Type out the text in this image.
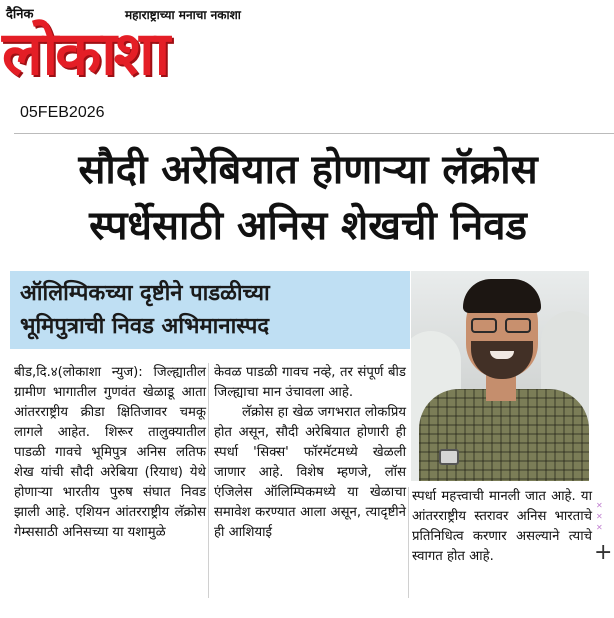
दैनिक	महाराष्ट्राच्या मनाचा नकाशा
लोकाशा
05FEB2026
सौदी अरेबियात होणाऱ्या लॅक्रोस
स्पर्धेसाठी अनिस शेखची निवड
ऑलिम्पिकच्या दृष्टीने पाडळीच्या
भूमिपुत्राची निवड अभिमानास्पद

बीड,दि.४(लोकाशा न्युज): जिल्ह्यातील ग्रामीण भागातील गुणवंत खेळाडू आता आंतरराष्ट्रीय क्रीडा क्षितिजावर चमकू लागले आहेत. शिरूर तालुक्यातील पाडळी गावचे भूमिपुत्र अनिस लतिफ शेख यांची सौदी अरेबिया (रियाध) येथे होणाऱ्या भारतीय पुरुष संघात निवड झाली आहे. एशियन आंतरराष्ट्रीय लॅक्रोस गेम्ससाठी अनिसच्या या यशामुळे

केवळ पाडळी गावच नव्हे, तर संपूर्ण बीड जिल्ह्याचा मान उंचावला आहे.

लॅक्रोस हा खेळ जगभरात लोकप्रिय होत असून, सौदी अरेबियात होणारी ही स्पर्धा 'सिक्स' फॉरमॅटमध्ये खेळली जाणार आहे. विशेष म्हणजे, लॉस एंजिलेस ऑलिम्पिकमध्ये या खेळाचा समावेश करण्यात आला असून, त्यादृष्टीने ही आशियाई

स्पर्धा महत्त्वाची मानली जात आहे. या आंतरराष्ट्रीय स्तरावर अनिस भारताचे प्रतिनिधित्व करणार असल्याने त्याचे स्वागत होत आहे.

✕
✕
✕
+
